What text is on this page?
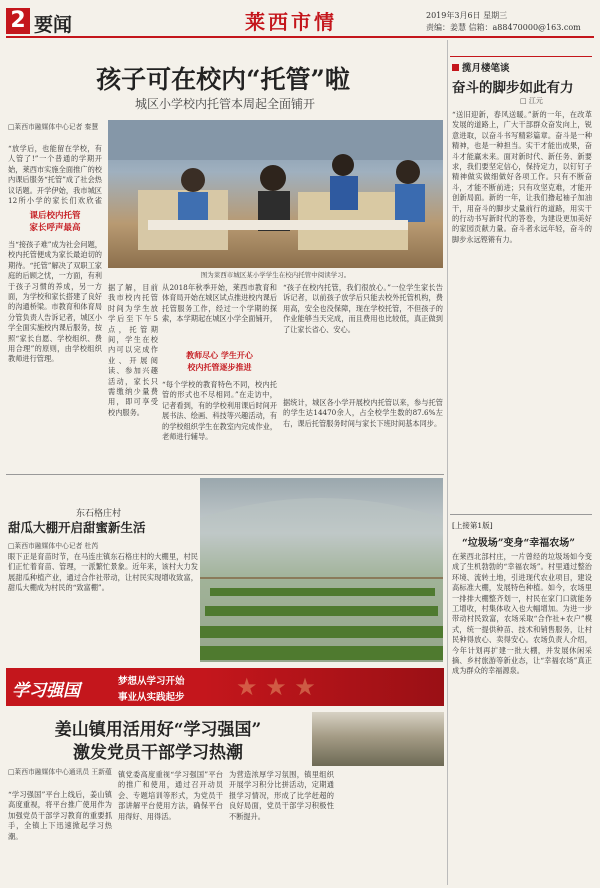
2 要闻	莱西市情	2019年3月6日 星期三
责编：姜慧 信箱：a88470000@163.com
孩子可在校内“托管”啦
城区小学校内托管本周起全面铺开
□莱西市融媒体中心记者 秦慧
“放学后，也能留在学校，有人管了!”一个普通的学期开始，莱西市实施全面推广的校内课后服务“托管”成了社会热议话题。开学伊始，我市城区12所小学的家长们欢欣雀
课后校内托管
家长呼声最高
当“接孩子难”成为社会问题，校内托管便成为家长最迫切的期待。“托管”解决了双职工家庭的后顾之忧，一方面，有利于孩子习惯的养成，另一方面，为学校和家长搭建了良好的沟通桥梁。市教育和体育局分管负责人告诉记者，城区小学全面实施校内课后服务，按照“家长自愿、学校组织、费用合理”的原则，由学校组织教师进行管理。
图为莱西市城区某小学学生在校内托管中阅读学习。
从2018年秋季开始，莱西市教育和体育局开始在城区试点推进校内课后托管服务工作，经过一个学期的探索，本学期起在城区小学全面铺开，
教师尽心 学生开心
校内托管逐步推进
“每个学校的教育特色不同，校内托管的形式也不尽相同。”在走访中，记者看到，有的学校利用课后时间开展书法、绘画、科技等兴趣活动，有的学校组织学生在教室内完成作业，老师进行辅导。
据了解，目前我市校内托管时间为学生放学后至下午5点，托管期间，学生在校内可以完成作业、开展阅读、参加兴趣活动，家长只需缴纳少量费用，即可享受校内服务。
“孩子在校内托管，我们很放心。”一位学生家长告诉记者，以前孩子放学后只能去校外托管机构，费用高，安全也没保障，现在学校托管，不但孩子的作业能够当天完成，而且费用也比较低，真正做到了让家长省心、安心。
据统计，城区各小学开展校内托管以来，参与托管的学生达14470余人，占全校学生数的87.6%左右，课后托管服务时间与家长下班时间基本同步。
揽月楼笔谈
奋斗的脚步如此有力
□ 江元
“送旧迎新，春风送暖。”新的一年，在改革发展的道路上，广大干部群众奋发向上，锐意进取，以奋斗书写精彩篇章。奋斗是一种精神，也是一种担当。实干才能出成果，奋斗才能赢未来。面对新时代、新任务、新要求，我们要坚定信心，保持定力，以钉钉子精神做实做细做好各项工作。只有不断奋斗，才能不断前进；只有攻坚克难，才能开创新局面。新的一年，让我们撸起袖子加油干，用奋斗的脚步丈量前行的道路，用实干的行动书写新时代的答卷，为建设更加美好的家园贡献力量。奋斗者永远年轻，奋斗的脚步永远铿锵有力。
[上接第1版]
“垃圾场”变身“幸福农场”
在莱西北部村庄，一片曾经的垃圾场如今变成了生机勃勃的“幸福农场”。村里通过整治环境、流转土地，引进现代农业项目，建设高标准大棚，发展特色种植。如今，农场里一排排大棚整齐划一，村民在家门口就能务工增收，村集体收入也大幅增加。为进一步带动村民致富，农场采取“合作社+农户”模式，统一提供种苗、技术和销售服务，让村民种得放心、卖得安心。农场负责人介绍，今年计划再扩建一批大棚，并发展休闲采摘、乡村旅游等新业态，让“幸福农场”真正成为群众的幸福源泉。
东石格庄村
甜瓜大棚开启甜蜜新生活
□莱西市融媒体中心记者 杜芮
眼下正是育苗时节，在马连庄镇东石格庄村的大棚里，村民们正忙着育苗、管理，一派繁忙景象。近年来，该村大力发展甜瓜种植产业，通过合作社带动，让村民实现增收致富，甜瓜大棚成为村民的“致富棚”。
学习强国	梦想从学习开始
事业从实践起步 ★ ★ ★
姜山镇用活用好“学习强国”
激发党员干部学习热潮
□莱西市融媒体中心通讯员 王新蕴
“学习强国”平台上线后，姜山镇高度重视，将平台推广使用作为加强党员干部学习教育的重要抓手，全镇上下迅速掀起学习热潮。
镇党委高度重视“学习强国”平台的推广和使用，通过召开动员会、专题培训等形式，为党员干部讲解平台使用方法，确保平台用得好、用得活。
为营造浓厚学习氛围，镇里组织开展学习积分比拼活动，定期通报学习情况，形成了比学赶超的良好局面，党员干部学习积极性不断提升。
